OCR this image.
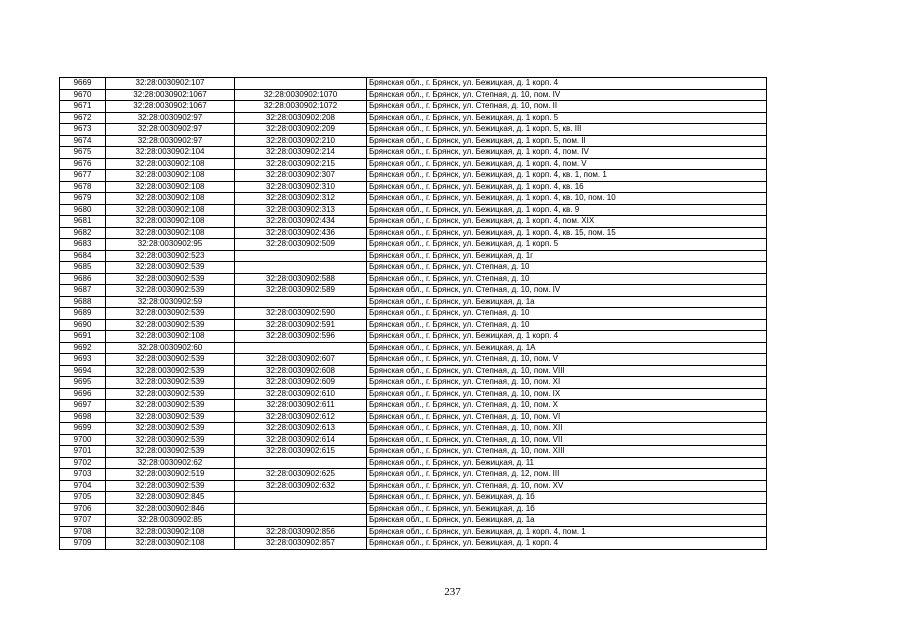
9669	32:28:0030902:107		Брянская обл., г. Брянск, ул. Бежицкая, д. 1 корп. 4
9670	32:28:0030902:1067	32:28:0030902:1070	Брянская обл., г. Брянск, ул. Степная, д. 10, пом. IV
9671	32:28:0030902:1067	32:28:0030902:1072	Брянская обл., г. Брянск, ул. Степная, д. 10, пом. II
9672	32:28:0030902:97	32:28:0030902:208	Брянская обл., г. Брянск, ул. Бежицкая, д. 1 корп. 5
9673	32:28:0030902:97	32:28:0030902:209	Брянская обл., г. Брянск, ул. Бежицкая, д. 1 корп. 5, кв. III
9674	32:28:0030902:97	32:28:0030902:210	Брянская обл., г. Брянск, ул. Бежицкая, д. 1 корп. 5, пом. II
9675	32:28:0030902:104	32:28:0030902:214	Брянская обл., г. Брянск, ул. Бежицкая, д. 1 корп. 4, пом. IV
9676	32:28:0030902:108	32:28:0030902:215	Брянская обл., г. Брянск, ул. Бежицкая, д. 1 корп. 4, пом. V
9677	32:28:0030902:108	32:28:0030902:307	Брянская обл., г. Брянск, ул. Бежицкая, д. 1 корп. 4, кв. 1, пом. 1
9678	32:28:0030902:108	32:28:0030902:310	Брянская обл., г. Брянск, ул. Бежицкая, д. 1 корп. 4, кв. 16
9679	32:28:0030902:108	32:28:0030902:312	Брянская обл., г. Брянск, ул. Бежицкая, д. 1 корп. 4, кв. 10, пом. 10
9680	32:28:0030902:108	32:28:0030902:313	Брянская обл., г. Брянск, ул. Бежицкая, д. 1 корп. 4, кв. 9
9681	32:28:0030902:108	32:28:0030902:434	Брянская обл., г. Брянск, ул. Бежицкая, д. 1 корп. 4, пом. XIX
9682	32:28:0030902:108	32:28:0030902:436	Брянская обл., г. Брянск, ул. Бежицкая, д. 1 корп. 4, кв. 15, пом. 15
9683	32:28:0030902:95	32:28:0030902:509	Брянская обл., г. Брянск, ул. Бежицкая, д. 1 корп. 5
9684	32:28:0030902:523		Брянская обл., г. Брянск, ул. Бежицкая, д. 1г
9685	32:28:0030902:539		Брянская обл., г. Брянск, ул. Степная, д. 10
9686	32:28:0030902:539	32:28:0030902:588	Брянская обл., г. Брянск, ул. Степная, д. 10
9687	32:28:0030902:539	32:28:0030902:589	Брянская обл., г. Брянск, ул. Степная, д. 10, пом. IV
9688	32:28:0030902:59		Брянская обл., г. Брянск, ул. Бежицкая, д. 1а
9689	32:28:0030902:539	32:28:0030902:590	Брянская обл., г. Брянск, ул. Степная, д. 10
9690	32:28:0030902:539	32:28:0030902:591	Брянская обл., г. Брянск, ул. Степная, д. 10
9691	32:28:0030902:108	32:28:0030902:596	Брянская обл., г. Брянск, ул. Бежицкая, д. 1 корп. 4
9692	32:28:0030902:60		Брянская обл., г. Брянск, ул. Бежицкая, д. 1А
9693	32:28:0030902:539	32:28:0030902:607	Брянская обл., г. Брянск, ул. Степная, д. 10, пом. V
9694	32:28:0030902:539	32:28:0030902:608	Брянская обл., г. Брянск, ул. Степная, д. 10, пом. VIII
9695	32:28:0030902:539	32:28:0030902:609	Брянская обл., г. Брянск, ул. Степная, д. 10, пом. XI
9696	32:28:0030902:539	32:28:0030902:610	Брянская обл., г. Брянск, ул. Степная, д. 10, пом. IX
9697	32:28:0030902:539	32:28:0030902:611	Брянская обл., г. Брянск, ул. Степная, д. 10, пом. X
9698	32:28:0030902:539	32:28:0030902:612	Брянская обл., г. Брянск, ул. Степная, д. 10, пом. VI
9699	32:28:0030902:539	32:28:0030902:613	Брянская обл., г. Брянск, ул. Степная, д. 10, пом. XII
9700	32:28:0030902:539	32:28:0030902:614	Брянская обл., г. Брянск, ул. Степная, д. 10, пом. VII
9701	32:28:0030902:539	32:28:0030902:615	Брянская обл., г. Брянск, ул. Степная, д. 10, пом. XIII
9702	32:28:0030902:62		Брянская обл., г. Брянск, ул. Бежицкая, д. 11
9703	32:28:0030902:519	32:28:0030902:625	Брянская обл., г. Брянск, ул. Степная, д. 12, пом. III
9704	32:28:0030902:539	32:28:0030902:632	Брянская обл., г. Брянск, ул. Степная, д. 10, пом. XV
9705	32:28:0030902:845		Брянская обл., г. Брянск, ул. Бежицкая, д. 1б
9706	32:28:0030902:846		Брянская обл., г. Брянск, ул. Бежицкая, д. 1б
9707	32:28:0030902:85		Брянская обл., г. Брянск, ул. Бежицкая, д. 1а
9708	32:28:0030902:108	32:28:0030902:856	Брянская обл., г. Брянск, ул. Бежицкая, д. 1 корп. 4, пом. 1
9709	32:28:0030902:108	32:28:0030902:857	Брянская обл., г. Брянск, ул. Бежицкая, д. 1 корп. 4
237
